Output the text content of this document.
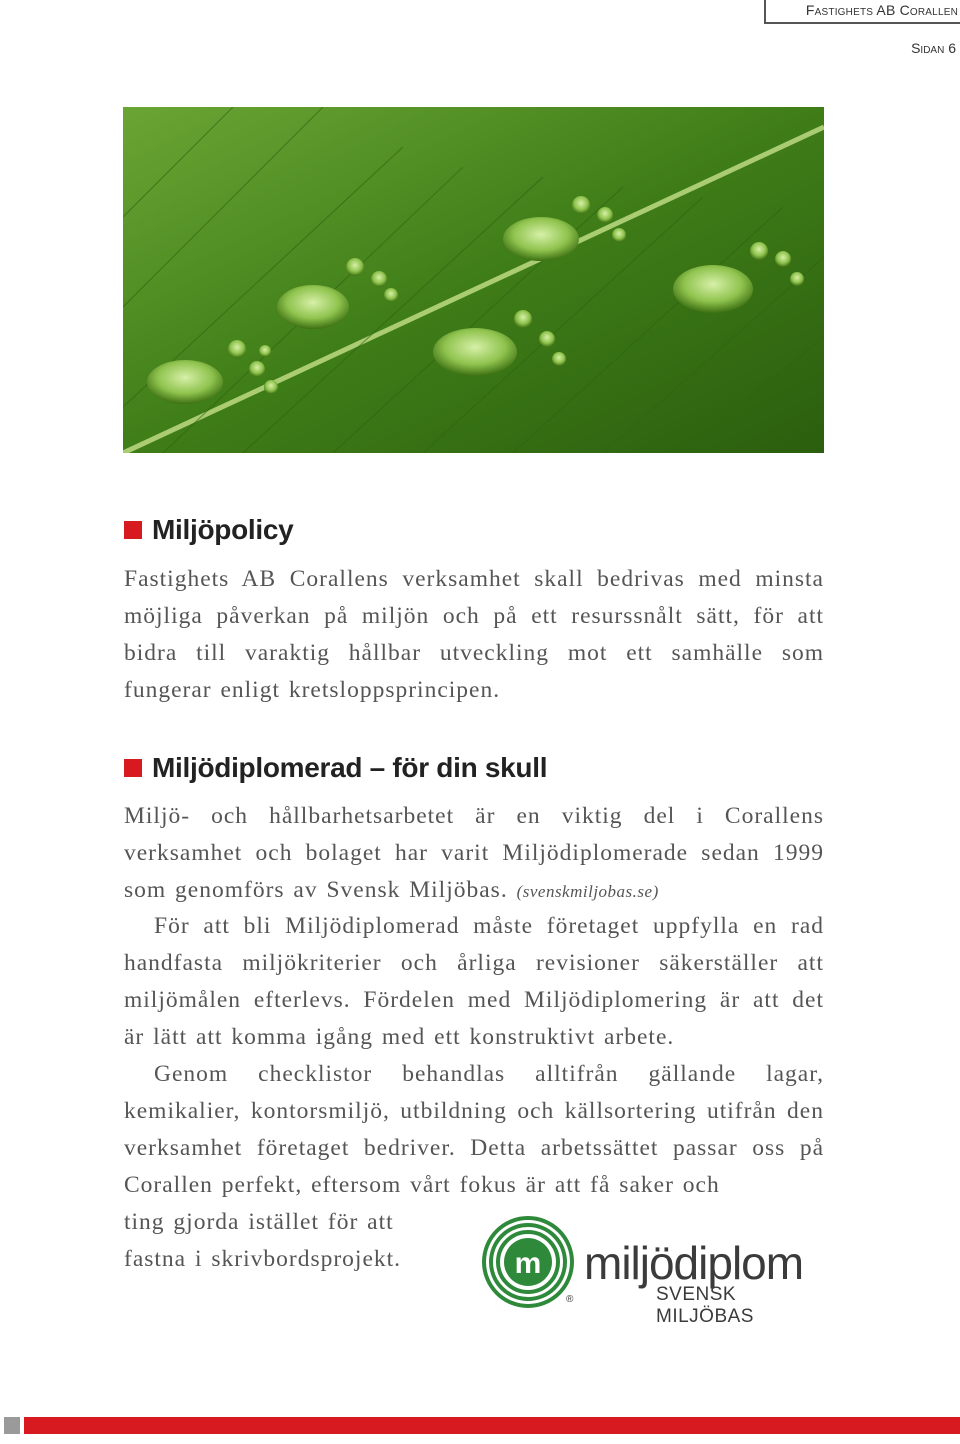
Fastighets AB Corallen
Sidan 6
Miljöpolicy
Fastighets AB Corallens verksamhet skall bedrivas med minsta möjliga påverkan på miljön och på ett resurssnålt sätt, för att bidra till varaktig hållbar utveckling mot ett samhälle som fungerar enligt kretsloppsprincipen.
Miljödiplomerad – för din skull
Miljö- och hållbarhetsarbetet är en viktig del i Corallens verksamhet och bolaget har varit Miljödiplomerade sedan 1999 som genomförs av Svensk Miljöbas. (svenskmiljobas.se)
För att bli Miljödiplomerad måste företaget uppfylla en rad handfasta miljökriterier och årliga revisioner säkerställer att miljömålen efterlevs. Fördelen med Miljödiplomering är att det är lätt att komma igång med ett konstruktivt arbete.
Genom checklistor behandlas alltifrån gällande lagar, kemikalier, kontorsmiljö, utbildning och källsortering utifrån den verksamhet företaget bedriver. Detta arbetssättet passar oss på Corallen perfekt, eftersom vårt fokus är att få saker och
ting gjorda istället för att fastna i skrivbordsprojekt.	m
®
miljödiplom
SVENSK MILJÖBAS
